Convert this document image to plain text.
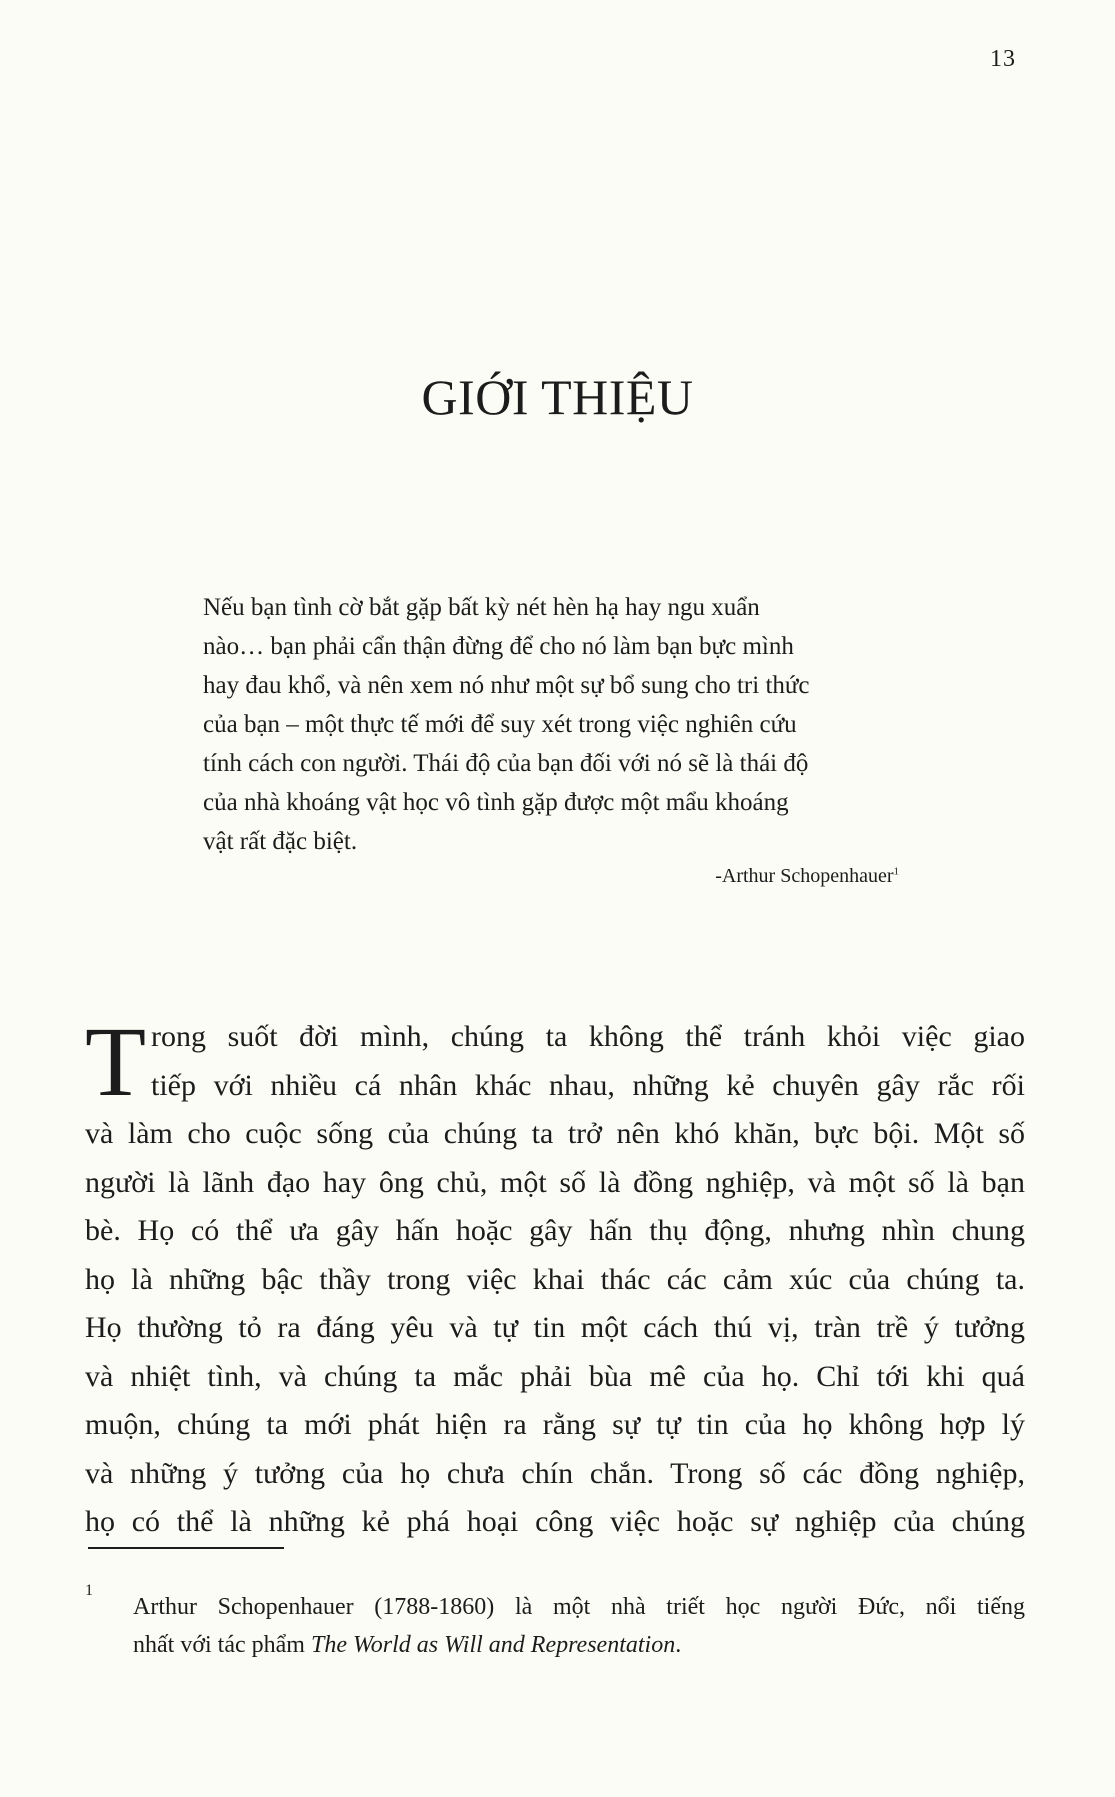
13
GIỚI THIỆU
Nếu bạn tình cờ bắt gặp bất kỳ nét hèn hạ hay ngu xuẩn
nào… bạn phải cẩn thận đừng để cho nó làm bạn bực mình
hay đau khổ, và nên xem nó như một sự bổ sung cho tri thức
của bạn – một thực tế mới để suy xét trong việc nghiên cứu
tính cách con người. Thái độ của bạn đối với nó sẽ là thái độ
của nhà khoáng vật học vô tình gặp được một mẩu khoáng
vật rất đặc biệt.
-Arthur Schopenhauer$^1$
T rong suốt đời mình, chúng ta không thể tránh khỏi việc giao
tiếp với nhiều cá nhân khác nhau, những kẻ chuyên gây rắc rối
và làm cho cuộc sống của chúng ta trở nên khó khăn, bực bội. Một số
người là lãnh đạo hay ông chủ, một số là đồng nghiệp, và một số là bạn
bè. Họ có thể ưa gây hấn hoặc gây hấn thụ động, nhưng nhìn chung
họ là những bậc thầy trong việc khai thác các cảm xúc của chúng ta.
Họ thường tỏ ra đáng yêu và tự tin một cách thú vị, tràn trề ý tưởng
và nhiệt tình, và chúng ta mắc phải bùa mê của họ. Chỉ tới khi quá
muộn, chúng ta mới phát hiện ra rằng sự tự tin của họ không hợp lý
và những ý tưởng của họ chưa chín chắn. Trong số các đồng nghiệp,
họ có thể là những kẻ phá hoại công việc hoặc sự nghiệp của chúng
1
Arthur Schopenhauer (1788-1860) là một nhà triết học người Đức, nổi tiếng
nhất với tác phẩm The World as Will and Representation.
